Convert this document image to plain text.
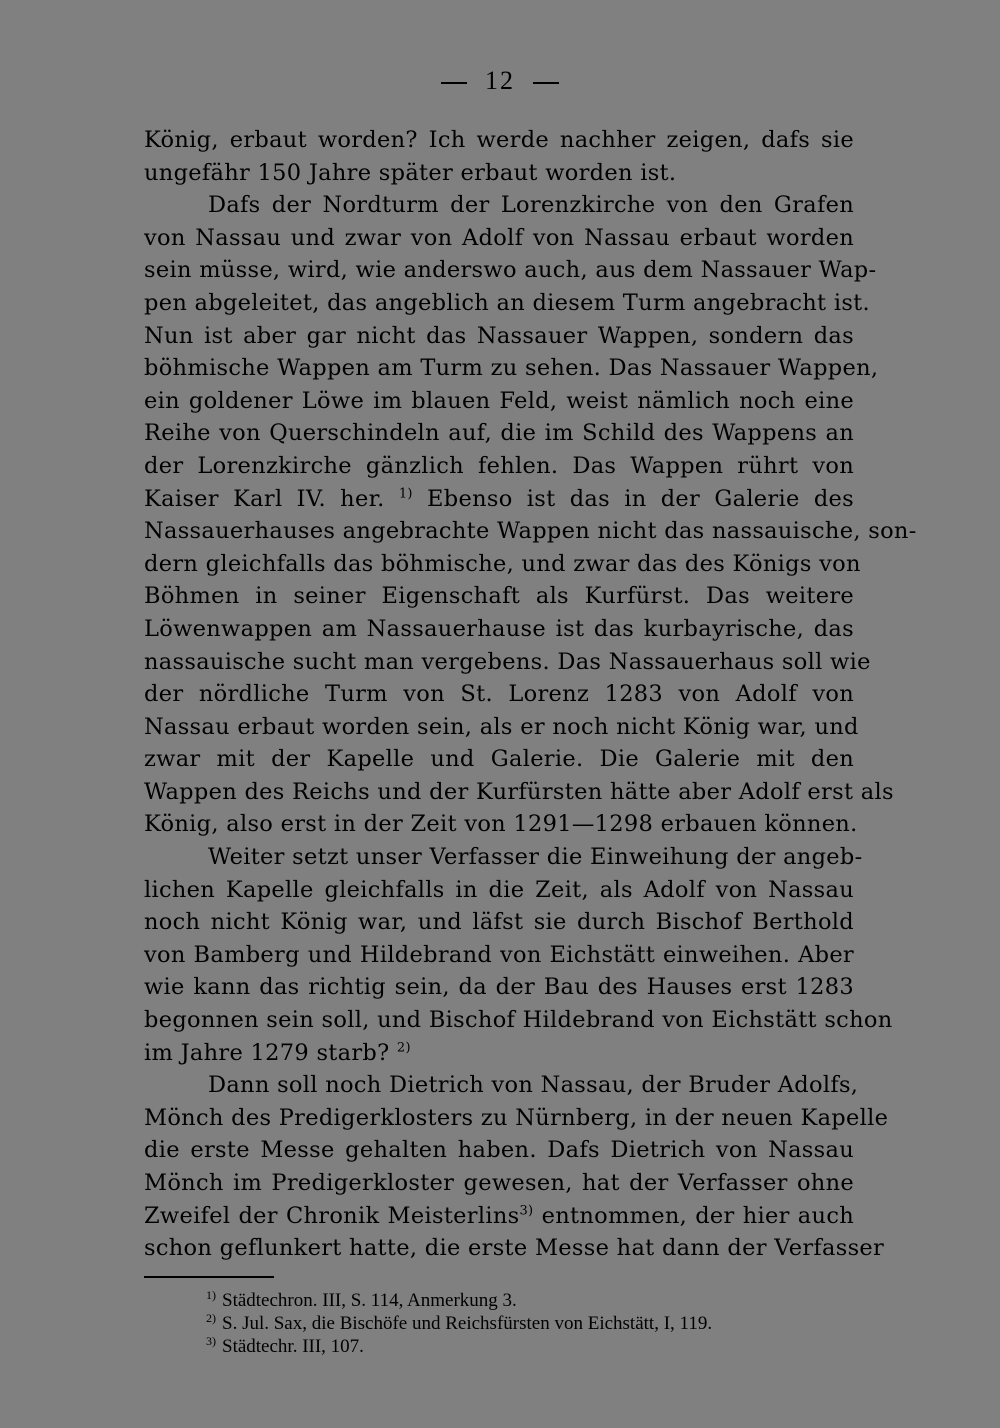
12
König, erbaut worden? Ich werde nachher zeigen, dafs sie
ungefähr 150 Jahre später erbaut worden ist.
Dafs der Nordturm der Lorenzkirche von den Grafen
von Nassau und zwar von Adolf von Nassau erbaut worden
sein müsse, wird, wie anderswo auch, aus dem Nassauer Wap-
pen abgeleitet, das angeblich an diesem Turm angebracht ist.
Nun ist aber gar nicht das Nassauer Wappen, sondern das
böhmische Wappen am Turm zu sehen. Das Nassauer Wappen,
ein goldener Löwe im blauen Feld, weist nämlich noch eine
Reihe von Querschindeln auf, die im Schild des Wappens an
der Lorenzkirche gänzlich fehlen. Das Wappen rührt von
Kaiser Karl IV. her. $^{1)}$ Ebenso ist das in der Galerie des
Nassauerhauses angebrachte Wappen nicht das nassauische, son-
dern gleichfalls das böhmische, und zwar das des Königs von
Böhmen in seiner Eigenschaft als Kurfürst. Das weitere
Löwenwappen am Nassauerhause ist das kurbayrische, das
nassauische sucht man vergebens. Das Nassauerhaus soll wie
der nördliche Turm von St. Lorenz 1283 von Adolf von
Nassau erbaut worden sein, als er noch nicht König war, und
zwar mit der Kapelle und Galerie. Die Galerie mit den
Wappen des Reichs und der Kurfürsten hätte aber Adolf erst als
König, also erst in der Zeit von 1291—1298 erbauen können.
Weiter setzt unser Verfasser die Einweihung der angeb-
lichen Kapelle gleichfalls in die Zeit, als Adolf von Nassau
noch nicht König war, und läfst sie durch Bischof Berthold
von Bamberg und Hildebrand von Eichstätt einweihen. Aber
wie kann das richtig sein, da der Bau des Hauses erst 1283
begonnen sein soll, und Bischof Hildebrand von Eichstätt schon
im Jahre 1279 starb? $^{2)}$
Dann soll noch Dietrich von Nassau, der Bruder Adolfs,
Mönch des Predigerklosters zu Nürnberg, in der neuen Kapelle
die erste Messe gehalten haben. Dafs Dietrich von Nassau
Mönch im Predigerkloster gewesen, hat der Verfasser ohne
Zweifel der Chronik Meisterlins$^{3)}$ entnommen, der hier auch
schon geflunkert hatte, die erste Messe hat dann der Verfasser
$^{1)}$ Städtechron. III, S. 114, Anmerkung 3.
$^{2)}$ S. Jul. Sax, die Bischöfe und Reichsfürsten von Eichstätt, I, 119.
$^{3)}$ Städtechr. III, 107.
